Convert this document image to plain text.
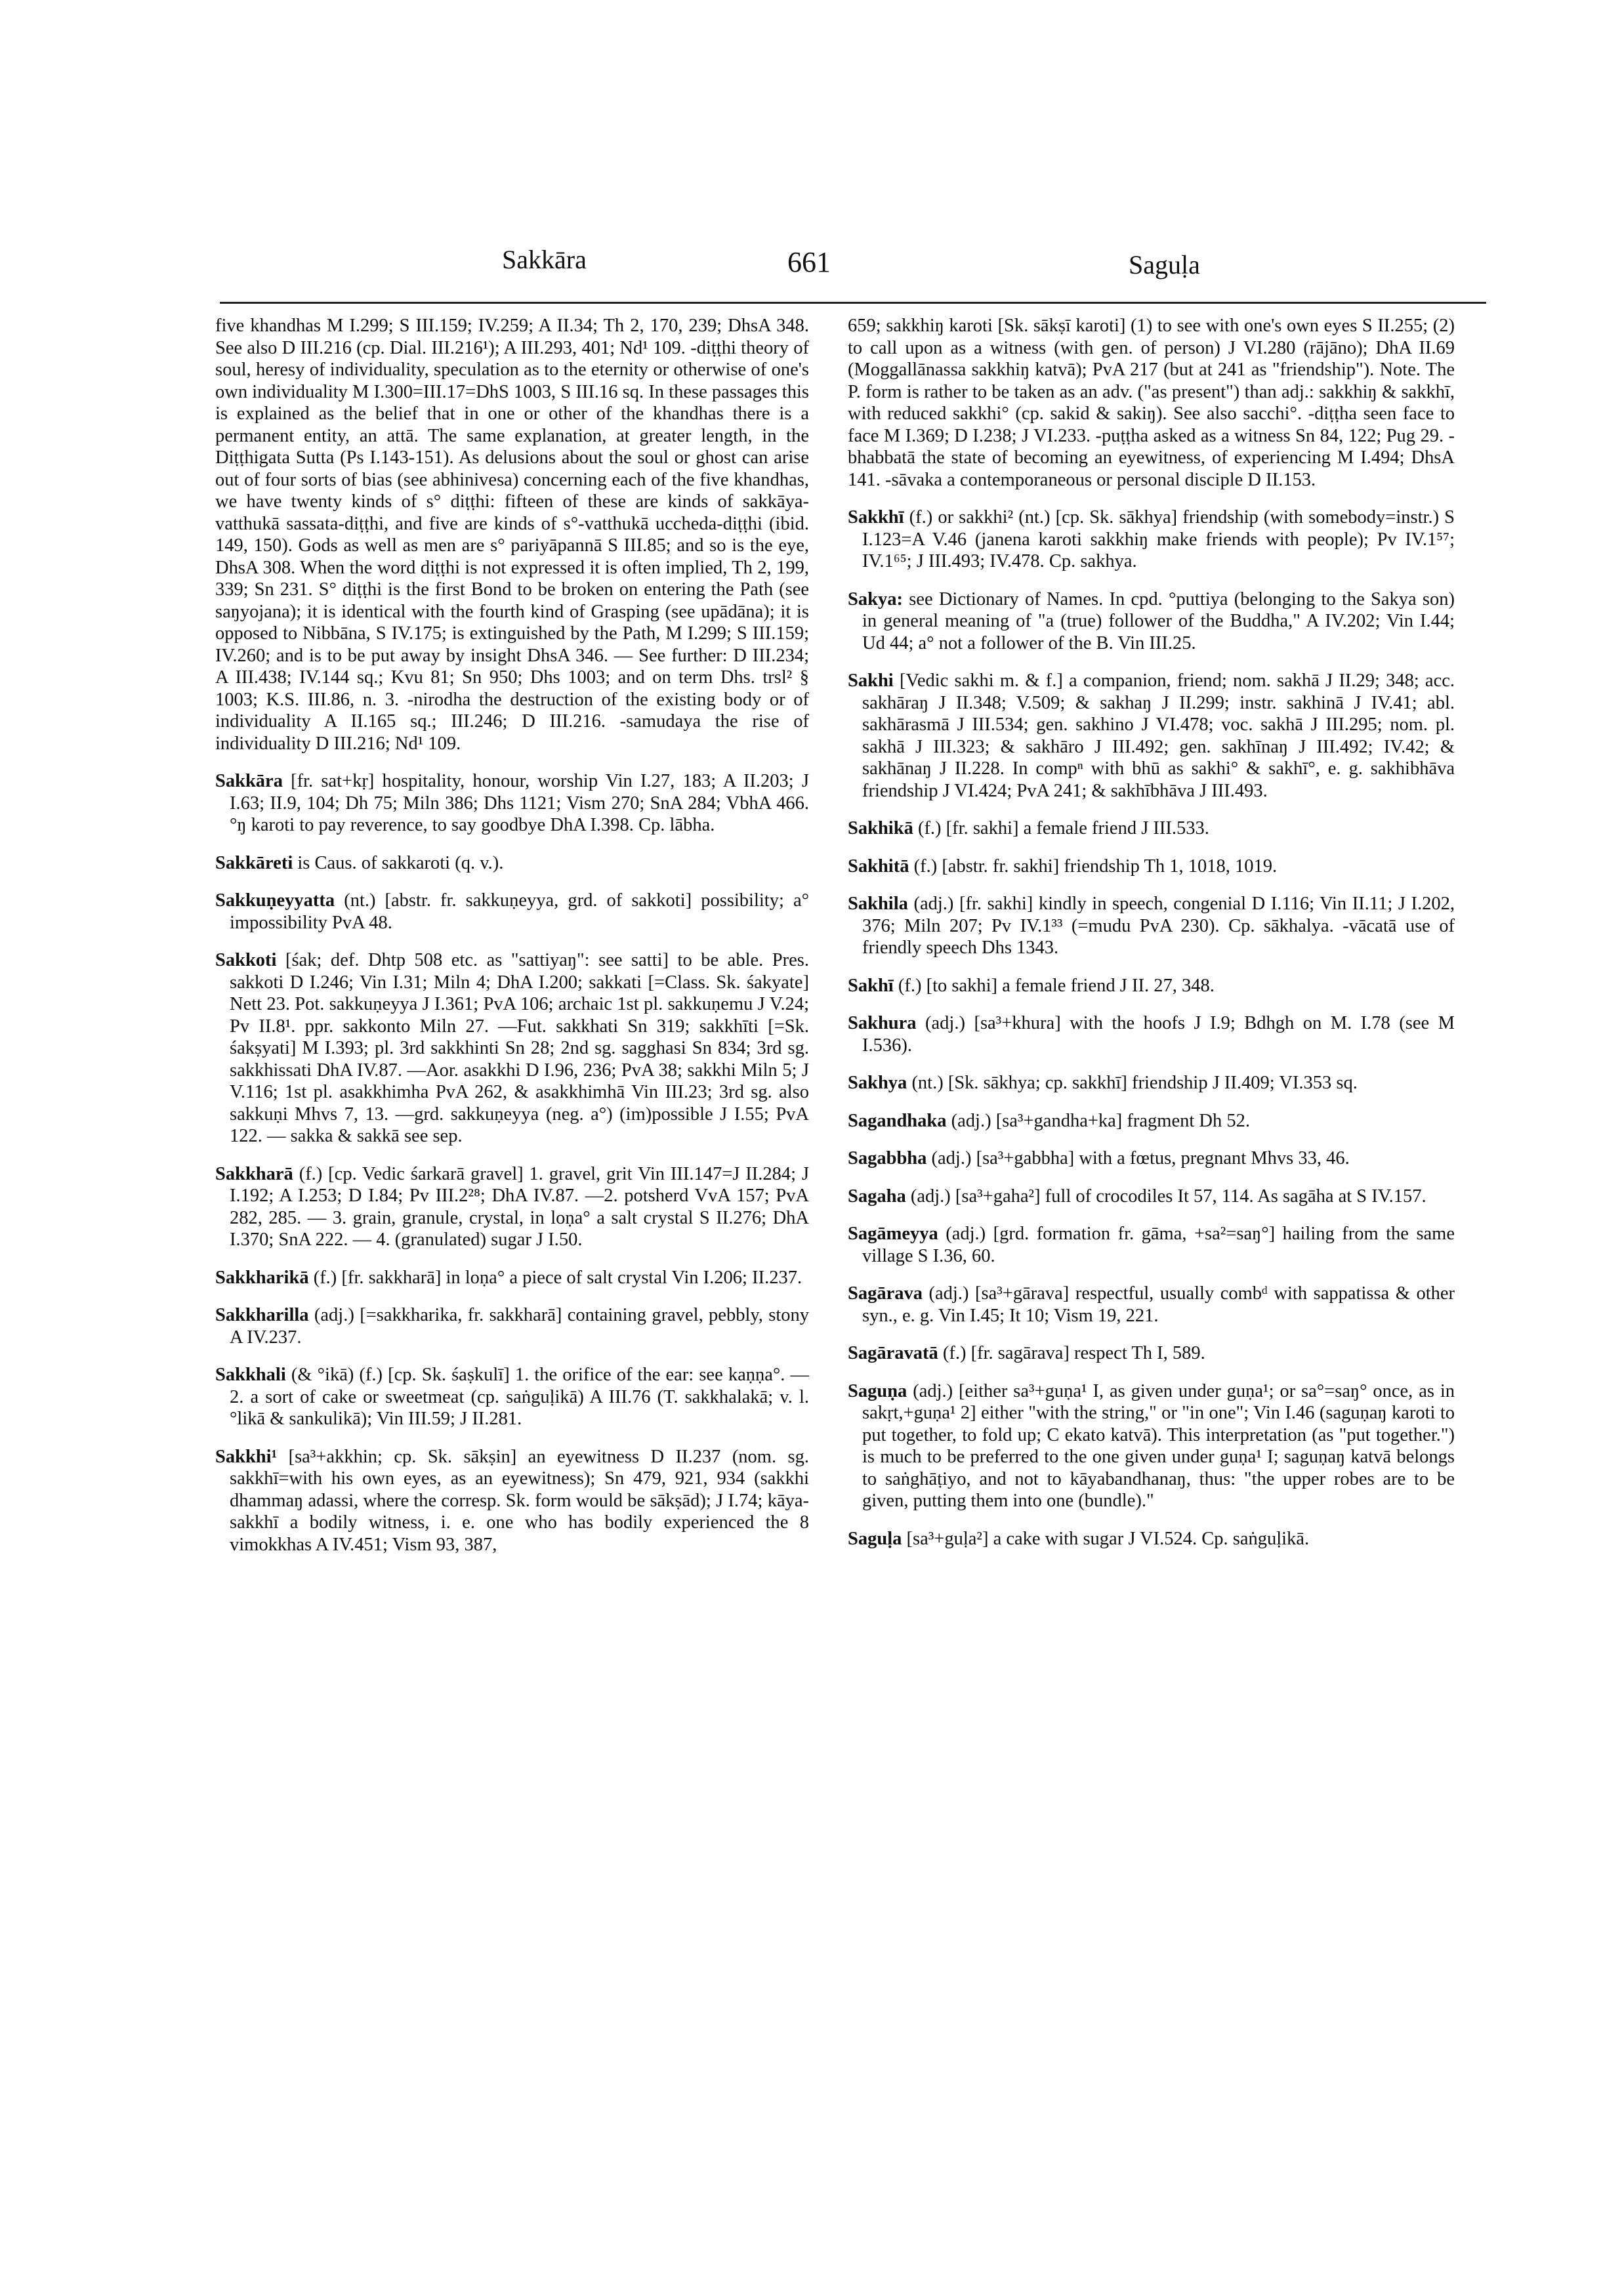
Sakkāra	661	Saguḷa
five khandhas M I.299; S III.159; IV.259; A II.34; Th 2, 170, 239; DhsA 348. See also D III.216 (cp. Dial. III.216¹); A III.293, 401; Nd¹ 109. -diṭṭhi theory of soul, heresy of individuality, speculation as to the eternity or otherwise of one's own individuality M I.300=III.17=DhS 1003, S III.16 sq. In these passages this is explained as the belief that in one or other of the khandhas there is a permanent entity, an attā. The same explanation, at greater length, in the Diṭṭhigata Sutta (Ps I.143-151). As delusions about the soul or ghost can arise out of four sorts of bias (see abhinivesa) concerning each of the five khandhas, we have twenty kinds of s° diṭṭhi: fifteen of these are kinds of sakkāya-vatthukā sassata-diṭṭhi, and five are kinds of s°-vatthukā uccheda-diṭṭhi (ibid. 149, 150). Gods as well as men are s° pariyāpannā S III.85; and so is the eye, DhsA 308. When the word diṭṭhi is not expressed it is often implied, Th 2, 199, 339; Sn 231. S° diṭṭhi is the first Bond to be broken on entering the Path (see saŋyojana); it is identical with the fourth kind of Grasping (see upādāna); it is opposed to Nibbāna, S IV.175; is extinguished by the Path, M I.299; S III.159; IV.260; and is to be put away by insight DhsA 346. — See further: D III.234; A III.438; IV.144 sq.; Kvu 81; Sn 950; Dhs 1003; and on term Dhs. trsl² § 1003; K.S. III.86, n. 3. -nirodha the destruction of the existing body or of individuality A II.165 sq.; III.246; D III.216. -samudaya the rise of individuality D III.216; Nd¹ 109.
Sakkāra [fr. sat+kṛ] hospitality, honour, worship Vin I.27, 183; A II.203; J I.63; II.9, 104; Dh 75; Miln 386; Dhs 1121; Vism 270; SnA 284; VbhA 466. °ŋ karoti to pay reverence, to say goodbye DhA I.398. Cp. lābha.
Sakkāreti is Caus. of sakkaroti (q. v.).
Sakkuṇeyyatta (nt.) [abstr. fr. sakkuṇeyya, grd. of sakkoti] possibility; a° impossibility PvA 48.
Sakkoti [śak; def. Dhtp 508 etc. as "sattiyaŋ": see satti] to be able. Pres. sakkoti D I.246; Vin I.31; Miln 4; DhA I.200; sakkati [=Class. Sk. śakyate] Nett 23. Pot. sakkuṇeyya J I.361; PvA 106; archaic 1st pl. sakkuṇemu J V.24; Pv II.8¹. ppr. sakkonto Miln 27. —Fut. sakkhati Sn 319; sakkhīti [=Sk. śakṣyati] M I.393; pl. 3rd sakkhinti Sn 28; 2nd sg. sagghasi Sn 834; 3rd sg. sakkhissati DhA IV.87. —Aor. asakkhi D I.96, 236; PvA 38; sakkhi Miln 5; J V.116; 1st pl. asakkhimha PvA 262, & asakkhimhā Vin III.23; 3rd sg. also sakkuṇi Mhvs 7, 13. —grd. sakkuṇeyya (neg. a°) (im)possible J I.55; PvA 122. — sakka & sakkā see sep.
Sakkharā (f.) [cp. Vedic śarkarā gravel] 1. gravel, grit Vin III.147=J II.284; J I.192; A I.253; D I.84; Pv III.2²⁸; DhA IV.87. —2. potsherd VvA 157; PvA 282, 285. — 3. grain, granule, crystal, in loṇa° a salt crystal S II.276; DhA I.370; SnA 222. — 4. (granulated) sugar J I.50.
Sakkharikā (f.) [fr. sakkharā] in loṇa° a piece of salt crystal Vin I.206; II.237.
Sakkharilla (adj.) [=sakkharika, fr. sakkharā] containing gravel, pebbly, stony A IV.237.
Sakkhali (& °ikā) (f.) [cp. Sk. śaṣkulī] 1. the orifice of the ear: see kaṇṇa°. — 2. a sort of cake or sweetmeat (cp. saṅguḷikā) A III.76 (T. sakkhalakā; v. l. °likā & sankulikā); Vin III.59; J II.281.
Sakkhi¹ [sa³+akkhin; cp. Sk. sākṣin] an eyewitness D II.237 (nom. sg. sakkhī=with his own eyes, as an eyewitness); Sn 479, 921, 934 (sakkhi dhammaŋ adassi, where the corresp. Sk. form would be sākṣād); J I.74; kāya-sakkhī a bodily witness, i. e. one who has bodily experienced the 8 vimokkhas A IV.451; Vism 93, 387,
659; sakkhiŋ karoti [Sk. sākṣī karoti] (1) to see with one's own eyes S II.255; (2) to call upon as a witness (with gen. of person) J VI.280 (rājāno); DhA II.69 (Moggallānassa sakkhiŋ katvā); PvA 217 (but at 241 as "friendship"). Note. The P. form is rather to be taken as an adv. ("as present") than adj.: sakkhiŋ & sakkhī, with reduced sakkhi° (cp. sakid & sakiŋ). See also sacchi°. -diṭṭha seen face to face M I.369; D I.238; J VI.233. -puṭṭha asked as a witness Sn 84, 122; Pug 29. -bhabbatā the state of becoming an eyewitness, of experiencing M I.494; DhsA 141. -sāvaka a contemporaneous or personal disciple D II.153.
Sakkhī (f.) or sakkhi² (nt.) [cp. Sk. sākhya] friendship (with somebody=instr.) S I.123=A V.46 (janena karoti sakkhiŋ make friends with people); Pv IV.1⁵⁷; IV.1⁶⁵; J III.493; IV.478. Cp. sakhya.
Sakya: see Dictionary of Names. In cpd. °puttiya (belonging to the Sakya son) in general meaning of "a (true) follower of the Buddha," A IV.202; Vin I.44; Ud 44; a° not a follower of the B. Vin III.25.
Sakhi [Vedic sakhi m. & f.] a companion, friend; nom. sakhā J II.29; 348; acc. sakhāraŋ J II.348; V.509; & sakhaŋ J II.299; instr. sakhinā J IV.41; abl. sakhārasmā J III.534; gen. sakhino J VI.478; voc. sakhā J III.295; nom. pl. sakhā J III.323; & sakhāro J III.492; gen. sakhīnaŋ J III.492; IV.42; & sakhānaŋ J II.228. In compⁿ with bhū as sakhi° & sakhī°, e. g. sakhibhāva friendship J VI.424; PvA 241; & sakhībhāva J III.493.
Sakhikā (f.) [fr. sakhi] a female friend J III.533.
Sakhitā (f.) [abstr. fr. sakhi] friendship Th 1, 1018, 1019.
Sakhila (adj.) [fr. sakhi] kindly in speech, congenial D I.116; Vin II.11; J I.202, 376; Miln 207; Pv IV.1³³ (=mudu PvA 230). Cp. sākhalya. -vācatā use of friendly speech Dhs 1343.
Sakhī (f.) [to sakhi] a female friend J II. 27, 348.
Sakhura (adj.) [sa³+khura] with the hoofs J I.9; Bdhgh on M. I.78 (see M I.536).
Sakhya (nt.) [Sk. sākhya; cp. sakkhī] friendship J II.409; VI.353 sq.
Sagandhaka (adj.) [sa³+gandha+ka] fragment Dh 52.
Sagabbha (adj.) [sa³+gabbha] with a fœtus, pregnant Mhvs 33, 46.
Sagaha (adj.) [sa³+gaha²] full of crocodiles It 57, 114. As sagāha at S IV.157.
Sagāmeyya (adj.) [grd. formation fr. gāma, +sa²=saŋ°] hailing from the same village S I.36, 60.
Sagārava (adj.) [sa³+gārava] respectful, usually combᵈ with sappatissa & other syn., e. g. Vin I.45; It 10; Vism 19, 221.
Sagāravatā (f.) [fr. sagārava] respect Th I, 589.
Saguṇa (adj.) [either sa³+guṇa¹ I, as given under guṇa¹; or sa°=saŋ° once, as in sakṛt,+guṇa¹ 2] either "with the string," or "in one"; Vin I.46 (saguṇaŋ karoti to put together, to fold up; C ekato katvā). This interpretation (as "put together.") is much to be preferred to the one given under guṇa¹ I; saguṇaŋ katvā belongs to saṅghāṭiyo, and not to kāyabandhanaŋ, thus: "the upper robes are to be given, putting them into one (bundle)."
Saguḷa [sa³+guḷa²] a cake with sugar J VI.524. Cp. saṅguḷikā.
